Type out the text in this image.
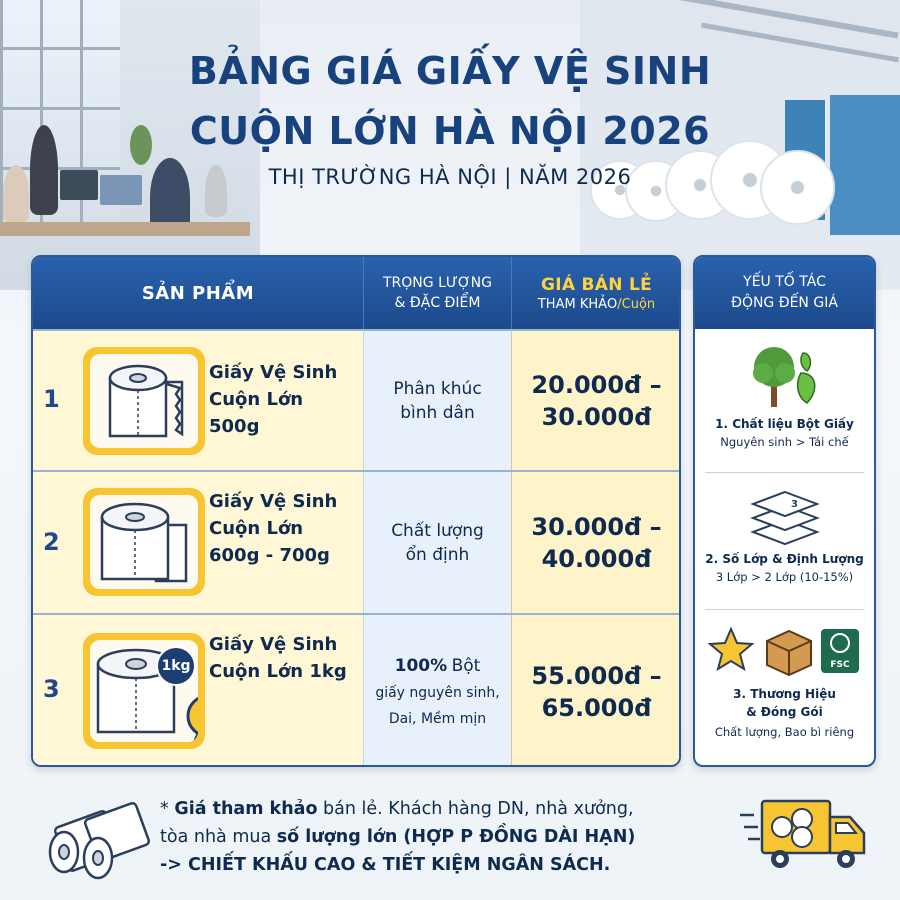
BẢNG GIÁ GIẤY VỆ SINH
CUỘN LỚN HÀ NỘI 2026
THỊ TRƯỜNG HÀ NỘI | NĂM 2026
SẢN PHẨM	TRỌNG LƯỢNG
& ĐẶC ĐIỂM
GIÁ BÁN LẺ
THAM KHẢO/Cuộn
1
Giấy Vệ Sinh
Cuộn Lớn
500g
Phân khúc
bình dân
20.000đ –
30.000đ
2
Giấy Vệ Sinh
Cuộn Lớn
600g - 700g
Chất lượng
ổn định
30.000đ –
40.000đ
3
1kg
CAO
CẤP
Giấy Vệ Sinh
Cuộn Lớn 1kg	100% Bột
giấy nguyên sinh,
Dai, Mềm mịn
55.000đ –
65.000đ
YẾU TỐ TÁC
ĐỘNG ĐẾN GIÁ
1. Chất liệu Bột Giấy
Nguyên sinh > Tái chế
3
2. Số Lớp & Định Lượng
3 Lớp > 2 Lớp (10-15%)
FSC
3. Thương Hiệu
& Đóng Gói
Chất lượng, Bao bì riêng
* Giá tham khảo bán lẻ. Khách hàng DN, nhà xưởng,
tòa nhà mua số lượng lớn (HỢP P ĐỒNG DÀI HẠN)
-> CHIẾT KHẤU CAO & TIẾT KIỆM NGÂN SÁCH.
